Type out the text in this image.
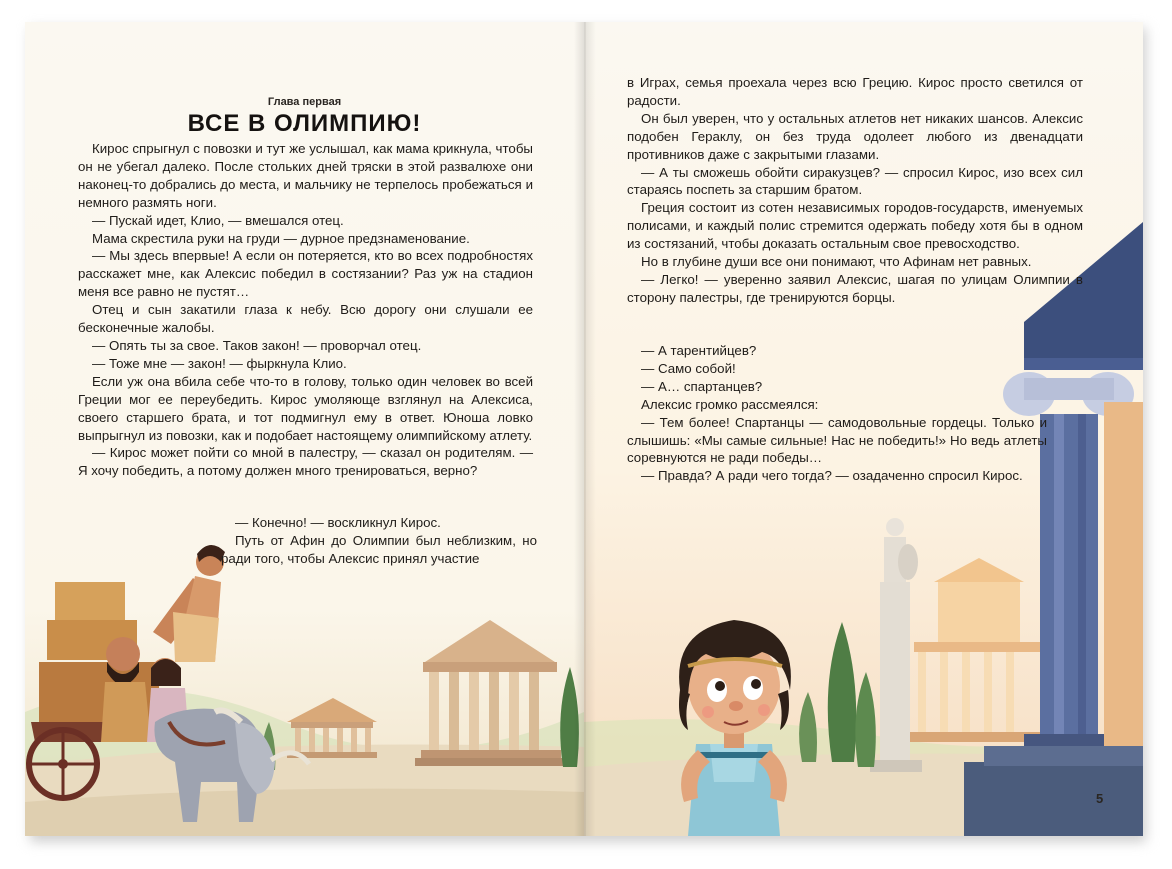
Глава первая
ВСЕ В ОЛИМПИЮ!

Кирос спрыгнул с повозки и тут же услышал, как мама крикнула, чтобы он не убегал далеко. После стольких дней тряски в этой развалюхе они наконец-то добрались до места, и мальчику не терпелось пробежаться и немного размять ноги.

— Пускай идет, Клио, — вмешался отец.

Мама скрестила руки на груди — дурное предзнаменование.

— Мы здесь впервые! А если он потеряется, кто во всех подробностях расскажет мне, как Алексис победил в состязании? Раз уж на стадион меня все равно не пустят…

Отец и сын закатили глаза к небу. Всю дорогу они слушали ее бесконечные жалобы.

— Опять ты за свое. Таков закон! — проворчал отец.

— Тоже мне — закон! — фыркнула Клио.

Если уж она вбила себе что-то в голову, только один человек во всей Греции мог ее переубедить. Кирос умоляюще взглянул на Алексиса, своего старшего брата, и тот подмигнул ему в ответ. Юноша ловко выпрыгнул из повозки, как и подобает настоящему олимпийскому атлету.

— Кирос может пойти со мной в палестру, — сказал он родителям. — Я хочу победить, а потому должен много тренироваться, верно?

— Конечно! — воскликнул Кирос.

Путь от Афин до Олимпии был неблизким, но ради того, чтобы Алексис принял участие

в Играх, семья проехала через всю Грецию. Кирос просто светился от радости.

Он был уверен, что у остальных атлетов нет никаких шансов. Алексис подобен Гераклу, он без труда одолеет любого из двенадцати противников даже с закрытыми глазами.

— А ты сможешь обойти сиракузцев? — спросил Кирос, изо всех сил стараясь поспеть за старшим братом.

Греция состоит из сотен независимых городов-государств, именуемых полисами, и каждый полис стремится одержать победу хотя бы в одном из состязаний, чтобы доказать остальным свое превосходство.

Но в глубине души все они понимают, что Афинам нет равных.

— Легко! — уверенно заявил Алексис, шагая по улицам Олимпии в сторону палестры, где тренируются борцы.

— А тарентийцев?

— Само собой!

— А… спартанцев?

Алексис громко рассмеялся:

— Тем более! Спартанцы — самодовольные гордецы. Только и слышишь: «Мы самые сильные! Нас не победить!» Но ведь атлеты соревнуются не ради победы…

— Правда? А ради чего тогда? — озадаченно спросил Кирос.

5
